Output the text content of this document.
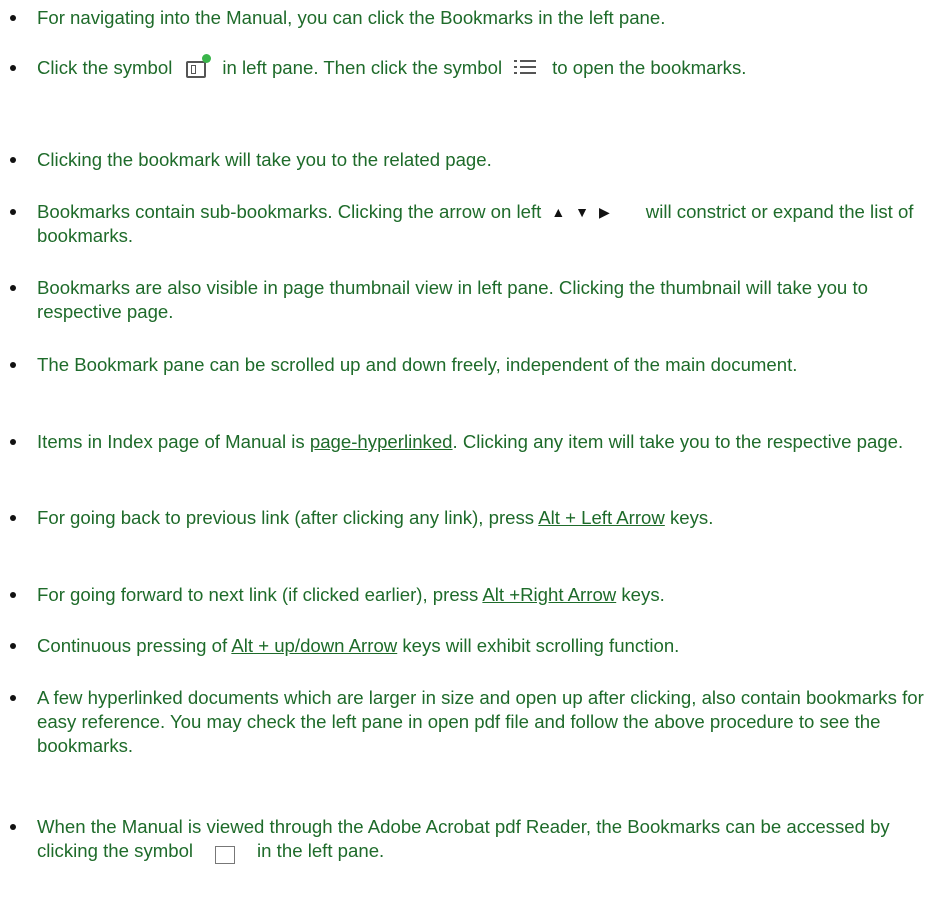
For navigating into the Manual, you can click the Bookmarks in the left pane.
Click the symbol	in left pane. Then click the symbol	to open the bookmarks.
Clicking the bookmark will take you to the related page.
Bookmarks contain sub-bookmarks. Clicking the arrow on left ▲▼▶ will constrict or expand the list of bookmarks.
Bookmarks are also visible in page thumbnail view in left pane. Clicking the thumbnail will take you to respective page.
The Bookmark pane can be scrolled up and down freely, independent of the main document.
Items in Index page of Manual is page-hyperlinked. Clicking any item will take you to the respective page.
For going back to previous link (after clicking any link), press Alt + Left Arrow keys.
For going forward to next link (if clicked earlier), press Alt +Right Arrow keys.
Continuous pressing of Alt + up/down Arrow keys will exhibit scrolling function.
A few hyperlinked documents which are larger in size and open up after clicking, also contain bookmarks for easy reference. You may check the left pane in open pdf file and follow the above procedure to see the bookmarks.
When the Manual is viewed through the Adobe Acrobat pdf Reader, the Bookmarks can be accessed by clicking the symbol	in the left pane.
